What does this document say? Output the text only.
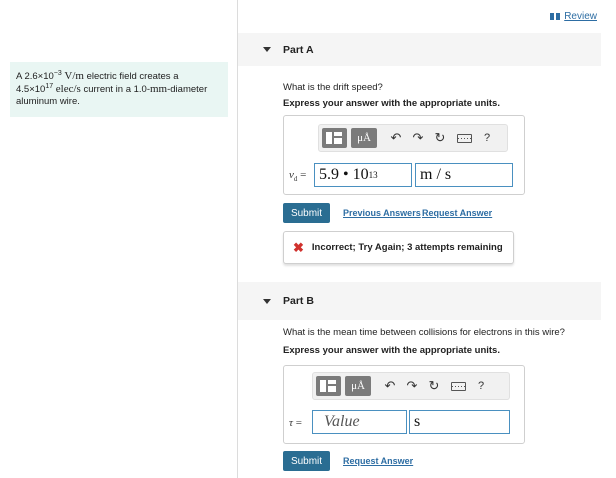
A $2.6\times 10^{-3}$ V/m electric field creates a
$4.5\times 10^{17}$ elec/s current in a 1.0-mm-diameter
aluminum wire.
Review
Part A
What is the drift speed?
Express your answer with the appropriate units.
μÅ	↶ ↷ ↻	?
$v_d = 5.9$ • 10 13	m / s
Submit	Previous Answers Request Answer
✖ Incorrect; Try Again; 3 attempts remaining
Part B
What is the mean time between collisions for electrons in this wire?
Express your answer with the appropriate units.
μÅ	↶ ↷ ↻	?
τ = Value	s
Submit	Request Answer
